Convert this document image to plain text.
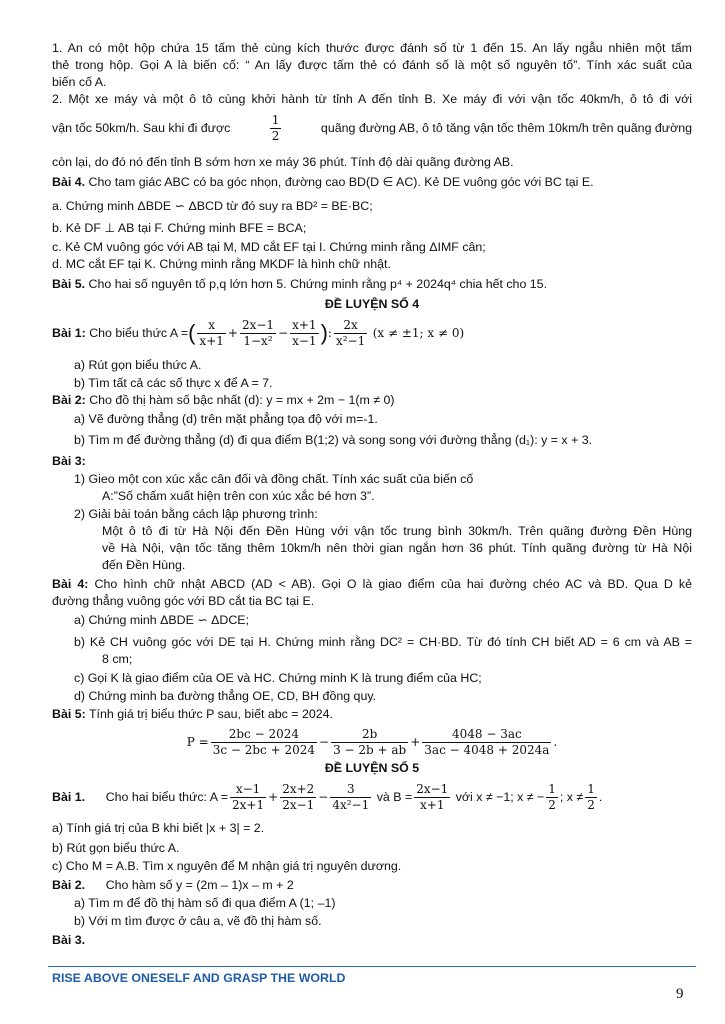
1. An có một hộp chứa 15 tấm thẻ cùng kích thước được đánh số từ 1 đến 15. An lấy ngẫu nhiên một tấm
thẻ trong hộp. Gọi A là biến cố: “ An lấy được tấm thẻ có đánh số là một số nguyên tố”. Tính xác suất của
biến cố A.
2. Một xe máy và một ô tô cùng khởi hành từ tỉnh A đến tỉnh B. Xe máy đi với vận tốc 40km/h, ô tô đi với
vận tốc 50km/h. Sau khi đi được	$\frac{1}{2}$	quãng đường AB, ô tô tăng vận tốc thêm 10km/h trên quãng đường
còn lại, do đó nó đến tỉnh B sớm hơn xe máy 36 phút. Tính độ dài quãng đường AB.
Bài 4. Cho tam giác ABC có ba góc nhọn, đường cao BD(D ∈ AC). Kẻ DE vuông góc với BC tại E.
a. Chứng minh ΔBDE ∽ ΔBCD từ đó suy ra BD² = BE·BC;
b. Kẻ DF ⊥ AB tại F. Chứng minh BFE = BCA;
c. Kẻ CM vuông góc với AB tại M, MD cắt EF tại I. Chứng minh rằng ΔIMF cân;
d. MC cắt EF tại K. Chứng minh rằng MKDF là hình chữ nhật.
Bài 5. Cho hai số nguyên tố p,q lớn hơn 5. Chứng minh rằng p⁴ + 2024q⁴ chia hết cho 15.
ĐỀ LUYỆN SỐ 4
Bài 1:
Cho biểu thức A = ( $\frac{x}{x+1} + \frac{2x-1}{\text{1−x²}} - \frac{x+1}{x-1}$ ) : $\frac{2x}{\text{x²−1}}$
(x ≠ ±1; x ≠ 0)
a) Rút gọn biểu thức A.
b) Tìm tất cả các số thực x để A = 7.
Bài 2: Cho đồ thị hàm số bậc nhất (d): y = mx + 2m − 1(m ≠ 0)
a) Vẽ đường thẳng (d) trên mặt phẳng tọa độ với m=-1.
b) Tìm m để đường thẳng (d) đi qua điểm B(1;2) và song song với đường thẳng (d₁): y = x + 3.
Bài 3:
1) Gieo một con xúc xắc cân đối và đồng chất. Tính xác suất của biến cố
A:”Số chấm xuất hiện trên con xúc xắc bé hơn 3”.
2) Giải bài toán bằng cách lập phương trình:
Một ô tô đi từ Hà Nội đến Đền Hùng với vận tốc trung bình 30km/h. Trên quãng đường Đền Hùng
về Hà Nội, vận tốc tăng thêm 10km/h nên thời gian ngắn hơn 36 phút. Tính quãng đường từ Hà Nội
đến Đền Hùng.
Bài 4: Cho hình chữ nhật ABCD (AD < AB). Gọi O là giao điểm của hai đường chéo AC và BD. Qua D kẻ
đường thẳng vuông góc với BD cắt tia BC tại E.
a) Chứng minh ΔBDE ∽ ΔDCE;
b) Kẻ CH vuông góc với DE tại H. Chứng minh rằng DC² = CH·BD. Từ đó tính CH biết AD = 6 cm và AB =
8 cm;
c) Gọi K là giao điểm của OE và HC. Chứng minh K là trung điểm của HC;
d) Chứng minh ba đường thẳng OE, CD, BH đồng quy.
Bài 5: Tính giá trị biểu thức P sau, biết abc = 2024.
$P = \frac{2bc - 2024}{3c - 2bc + 2024} - \frac{2b}{3 - 2b + ab} + \frac{4048 - 3ac}{3ac - 4048 + 2024a}$ .
ĐỀ LUYỆN SỐ 5
Bài 1.
Cho hai biểu thức: $A = \frac{x-1}{2x+1} + \frac{2x+2}{2x-1} - \frac{3}{\text{4x²−1}}$
và $B = \frac{2x-1}{x+1}$
với x ≠ −1; x ≠ − $\frac{1}{2}$ ; $x \ne \frac{1}{2}$ .
a) Tính giá trị của B khi biết |x + 3| = 2.
b) Rút gọn biểu thức A.
c) Cho M = A.B. Tìm x nguyên để M nhận giá trị nguyên dương.
Bài 2. Cho hàm số y = (2m – 1)x – m + 2
a) Tìm m để đồ thị hàm số đi qua điểm A (1; –1)
b) Với m tìm được ở câu a, vẽ đồ thị hàm số.
Bài 3.
RISE ABOVE ONESELF AND GRASP THE WORLD
9
